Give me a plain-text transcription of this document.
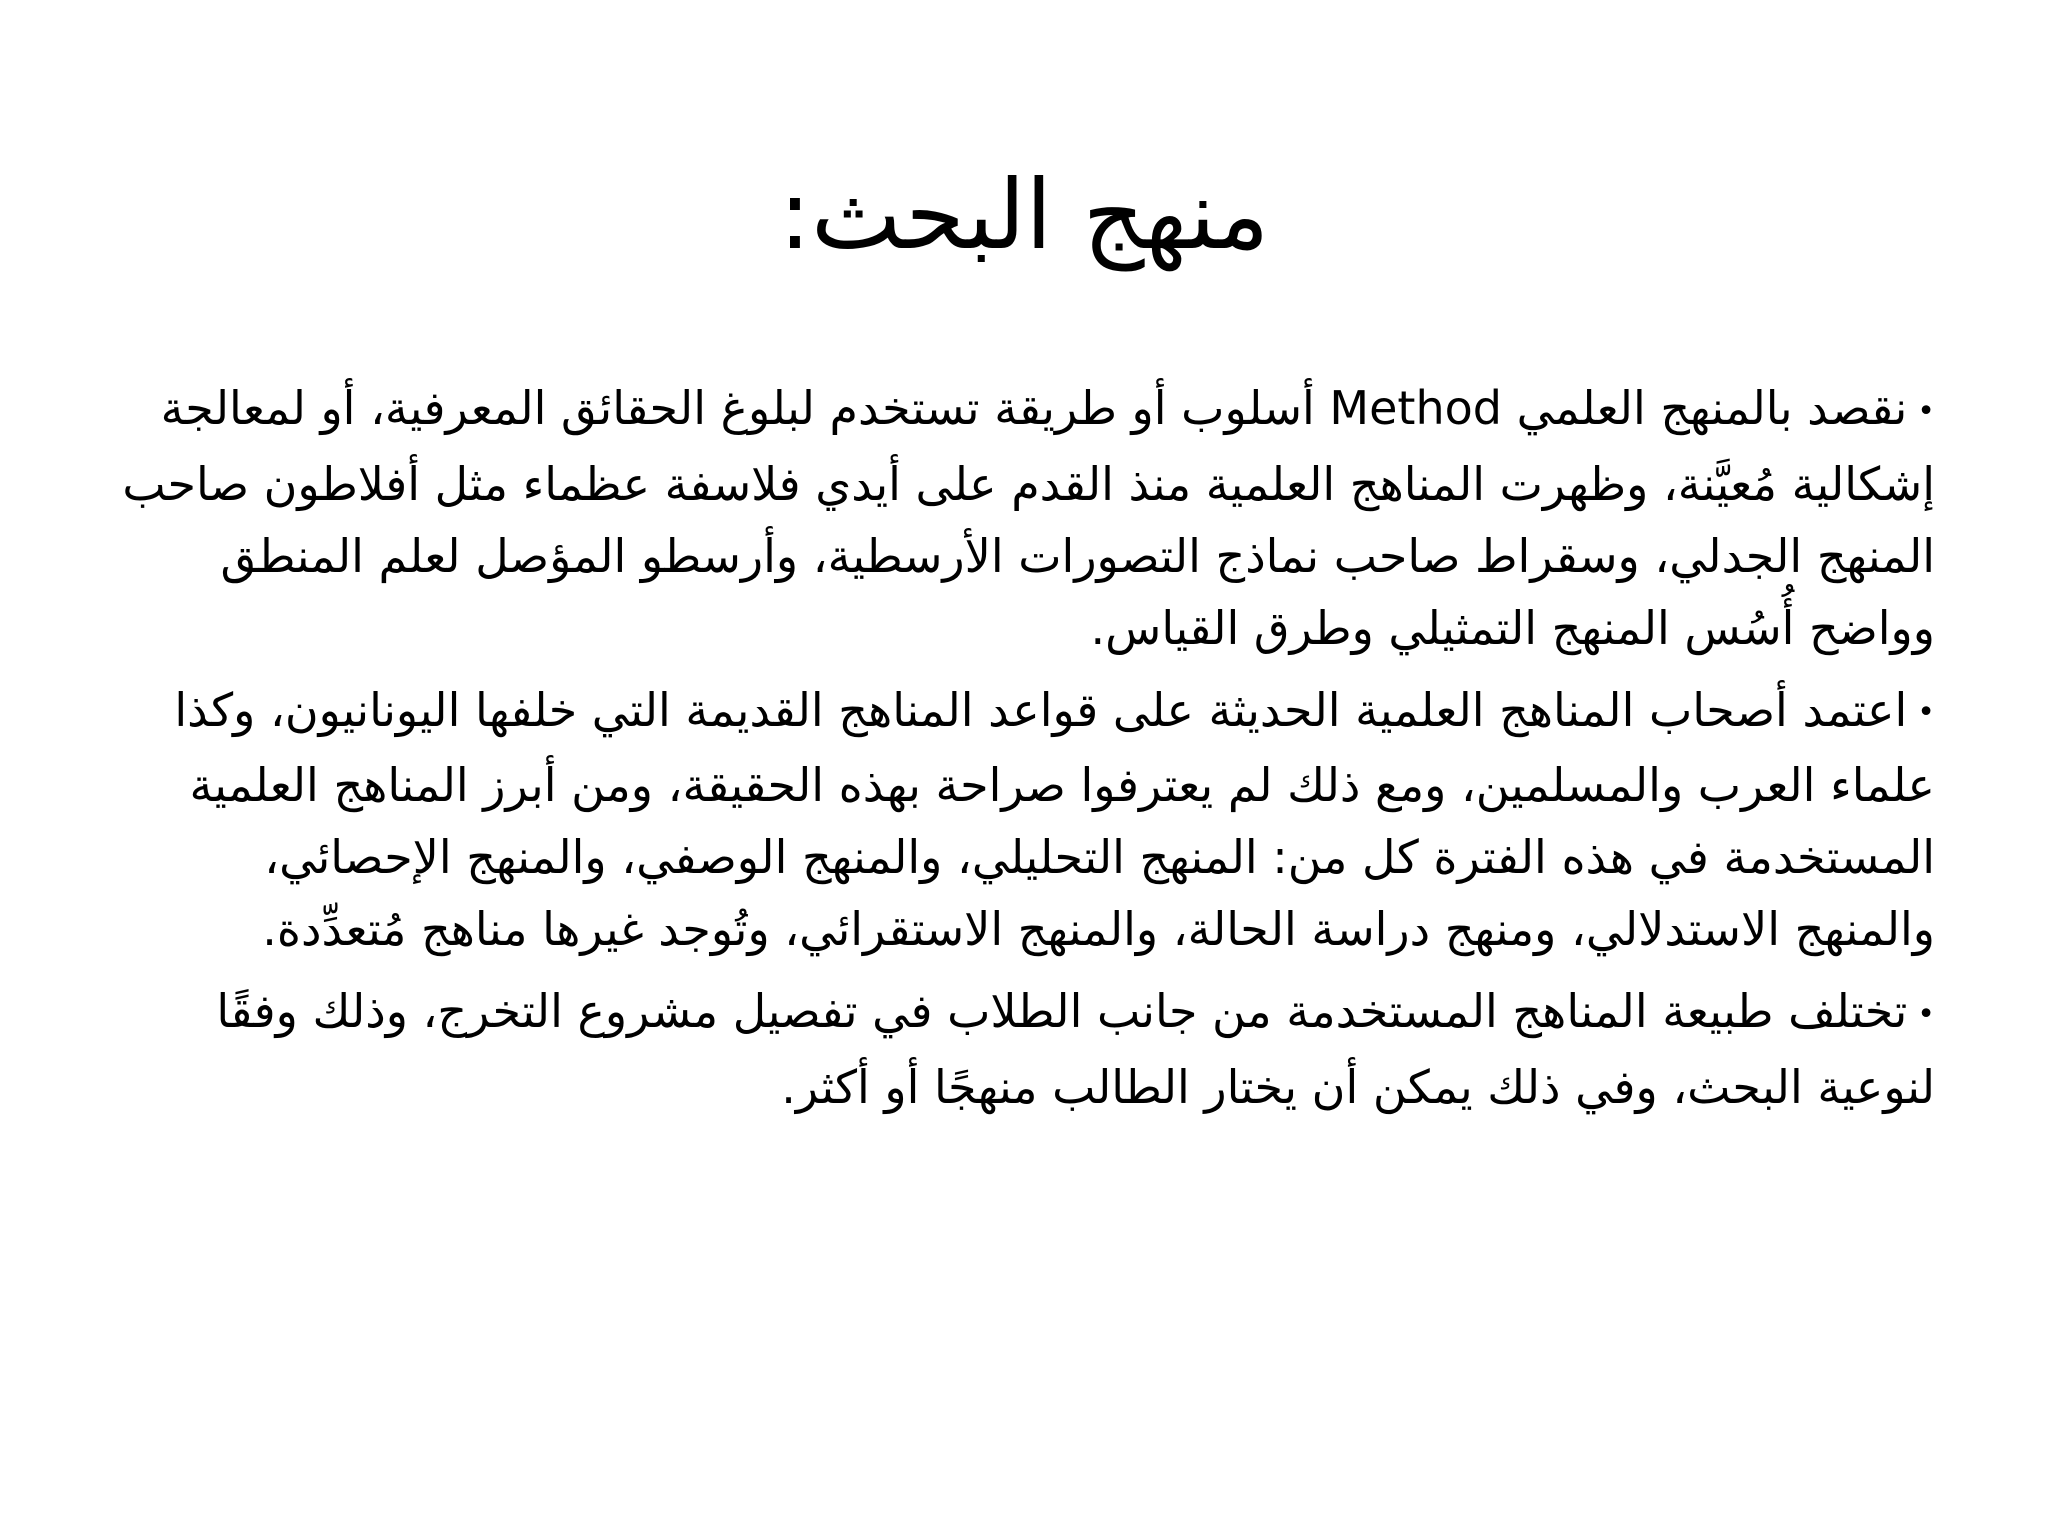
منهج البحث:

•نقصد بالمنهج العلمي Method أسلوب أو طريقة تستخدم لبلوغ الحقائق المعرفية، أو لمعالجة إشكالية مُعيَّنة، وظهرت المناهج العلمية منذ القدم على أيدي فلاسفة عظماء مثل أفلاطون صاحب المنهج الجدلي، وسقراط صاحب نماذج التصورات الأرسطية، وأرسطو المؤصل لعلم المنطق وواضح أُسُس المنهج التمثيلي وطرق القياس.

•اعتمد أصحاب المناهج العلمية الحديثة على قواعد المناهج القديمة التي خلفها اليونانيون، وكذا علماء العرب والمسلمين، ومع ذلك لم يعترفوا صراحة بهذه الحقيقة، ومن أبرز المناهج العلمية المستخدمة في هذه الفترة كل من: المنهج التحليلي، والمنهج الوصفي، والمنهج الإحصائي، والمنهج الاستدلالي، ومنهج دراسة الحالة، والمنهج الاستقرائي، وتُوجد غيرها مناهج مُتعدِّدة.

•تختلف طبيعة المناهج المستخدمة من جانب الطلاب في تفصيل مشروع التخرج، وذلك وفقًا لنوعية البحث، وفي ذلك يمكن أن يختار الطالب منهجًا أو أكثر.
